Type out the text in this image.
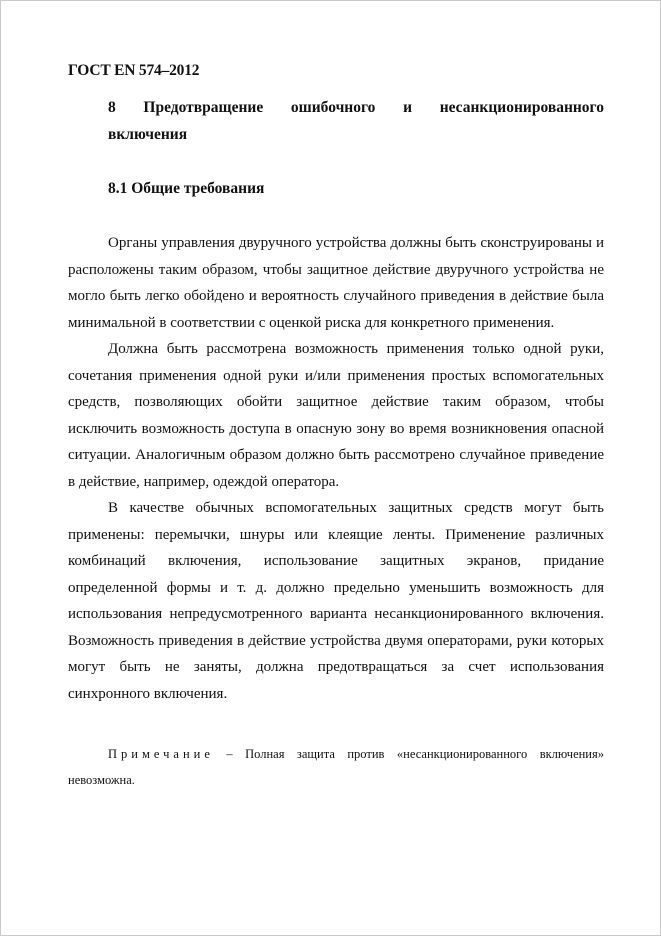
ГОСТ EN 574–2012
8 Предотвращение ошибочного и несанкционированного
включения
8.1 Общие требования

Органы управления двуручного устройства должны быть сконструированы и расположены таким образом, чтобы защитное действие двуручного устройства не могло быть легко обойдено и вероятность случайного приведения в действие была минимальной в соответствии с оценкой риска для конкретного применения.

Должна быть рассмотрена возможность применения только одной руки, сочетания применения одной руки и/или применения простых вспомогательных средств, позволяющих обойти защитное действие таким образом, чтобы исключить возможность доступа в опасную зону во время возникновения опасной ситуации. Аналогичным образом должно быть рассмотрено случайное приведение в действие, например, одеждой оператора.

В качестве обычных вспомогательных защитных средств могут быть применены: перемычки, шнуры или клеящие ленты. Применение различных комбинаций включения, использование защитных экранов, придание определенной формы и т. д. должно предельно уменьшить возможность для использования непредусмотренного варианта несанкционированного включения. Возможность приведения в действие устройства двумя операторами, руки которых могут быть не заняты, должна предотвращаться за счет использования синхронного включения.

Примечание – Полная защита против «несанкционированного включения» невозможна.
